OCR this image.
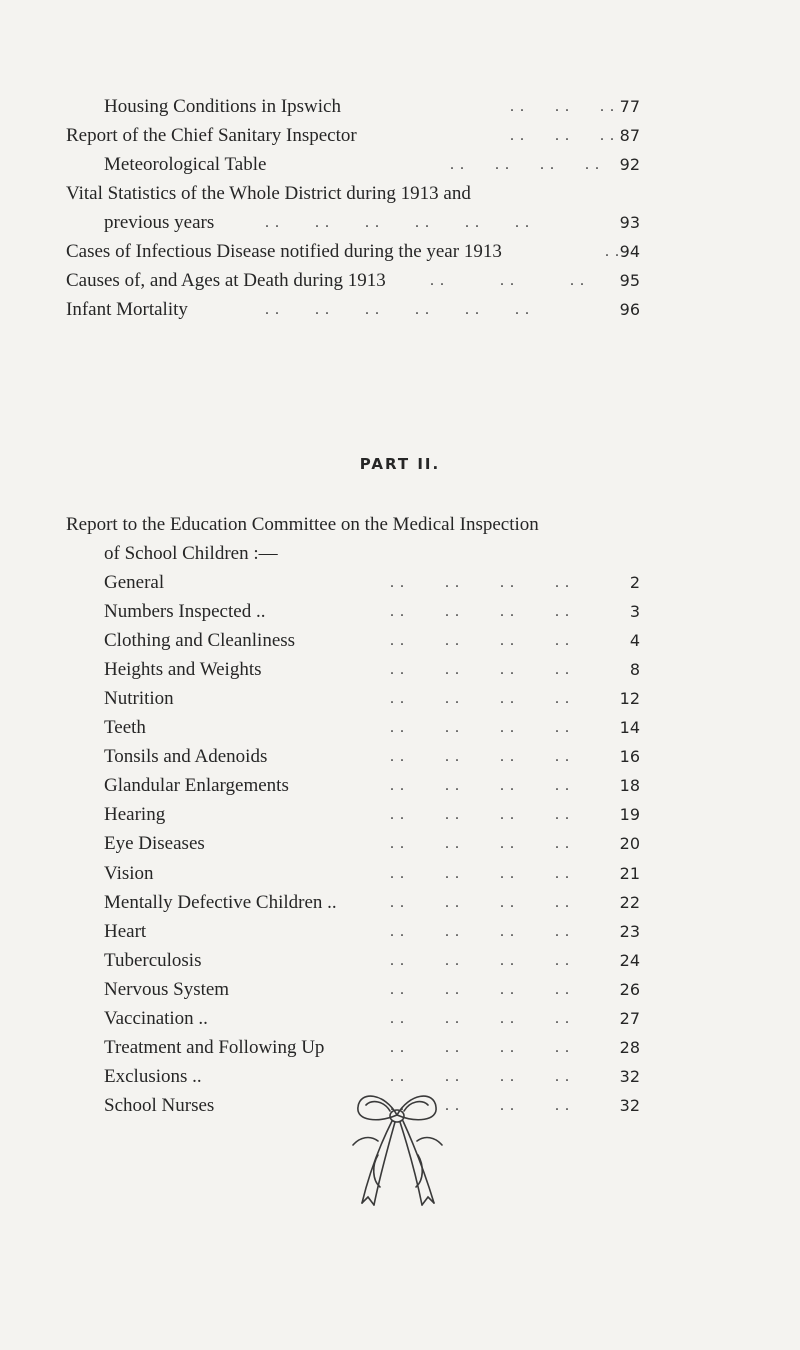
Housing Conditions in Ipswich	. .      . .      . . 77
Report of the Chief Sanitary Inspector	. .      . .      . . 87
Meteorological Table	. .      . .      . .      . .	92
Vital Statistics of the Whole District during 1913 and
previous years	. .       . .       . .       . .       . .       . .	93
Cases of Infectious Disease notified during the year 1913	. . 94
Causes of, and Ages at Death during 1913	. .           . .           . .	95
Infant Mortality	. .       . .       . .       . .       . .       . .	96
PART II.
Report to the Education Committee on the Medical Inspection
of School Children :—
General	. .        . .        . .        . .	2
Numbers Inspected ..	. .        . .        . .        . .	3
Clothing and Cleanliness	. .        . .        . .        . .	4
Heights and Weights	. .        . .        . .        . .	8
Nutrition	. .        . .        . .        . .	12
Teeth	. .        . .        . .        . .	14
Tonsils and Adenoids	. .        . .        . .        . .	16
Glandular Enlargements	. .        . .        . .        . .	18
Hearing	. .        . .        . .        . .	19
Eye Diseases	. .        . .        . .        . .	20
Vision	. .        . .        . .        . .	21
Mentally Defective Children ..	. .        . .        . .        . .	22
Heart	. .        . .        . .        . .	23
Tuberculosis	. .        . .        . .        . .	24
Nervous System	. .        . .        . .        . .	26
Vaccination ..	. .        . .        . .        . .	27
Treatment and Following Up	. .        . .        . .        . .	28
Exclusions ..	. .        . .        . .        . .	32
School Nurses	. .        . .        . .        . .	32
